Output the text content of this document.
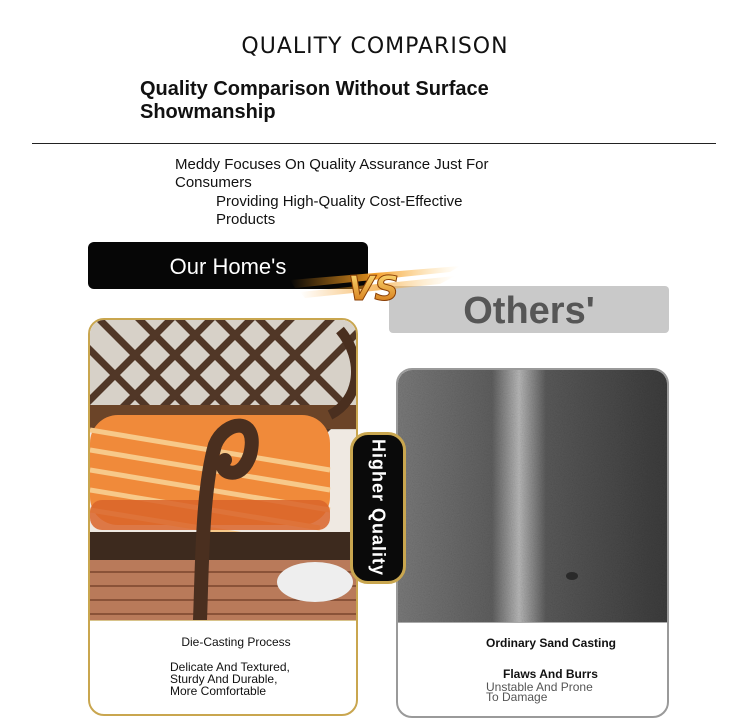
QUALITY COMPARISON
Quality Comparison Without Surface Showmanship
Meddy Focuses On Quality Assurance Just For Consumers
Providing High-Quality Cost-Effective Products
Our Home's
Others'
VS
Higher Quality
Die-Casting Process
Delicate And Textured, Sturdy And Durable, More Comfortable
Ordinary Sand Casting
Flaws And Burrs
Unstable And Prone To Damage
